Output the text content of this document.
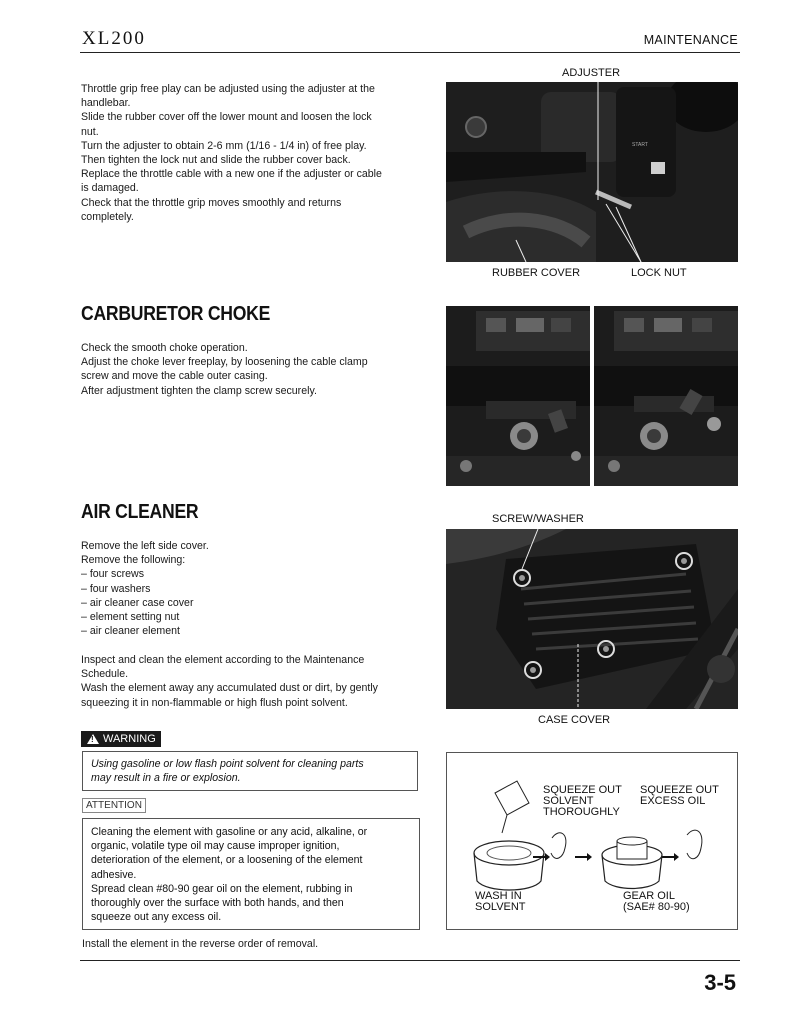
XL200	MAINTENANCE
Throttle grip free play can be adjusted using the adjuster at the
handlebar.
Slide the rubber cover off the lower mount and loosen the lock
nut.
Turn the adjuster to obtain 2-6 mm (1/16 - 1/4 in) of free play.
Then tighten the lock nut and slide the rubber cover back.
Replace the throttle cable with a new one if the adjuster or cable
is damaged.
Check that the throttle grip moves smoothly and returns
completely.
ADJUSTER
START
RUBBER COVER	LOCK NUT
CARBURETOR CHOKE
Check the smooth choke operation.
Adjust the choke lever freeplay, by loosening the cable clamp
screw and move the cable outer casing.
After adjustment tighten the clamp screw securely.
AIR CLEANER
Remove the left side cover.
Remove the following:
– four screws
– four washers
– air cleaner case cover
– element setting nut
– air cleaner element
Inspect and clean the element according to the Maintenance
Schedule.
Wash the element away any accumulated dust or dirt, by gently
squeezing it in non-flammable or high flush point solvent.
SCREW/WASHER
CASE COVER
!
WARNING
Using gasoline or low flash point solvent for cleaning parts
may result in a fire or explosion.
ATTENTION
Cleaning the element with gasoline or any acid, alkaline, or
organic, volatile type oil may cause improper ignition,
deterioration of the element, or a loosening of the element
adhesive.
Spread clean #80-90 gear oil on the element, rubbing in
thoroughly over the surface with both hands, and then
squeeze out any excess oil.
SQUEEZE OUT
SOLVENT
THOROUGHLY
SQUEEZE OUT
EXCESS OIL
WASH IN
SOLVENT
GEAR OIL
(SAE# 80-90)
Install the element in the reverse order of removal.
3-5
